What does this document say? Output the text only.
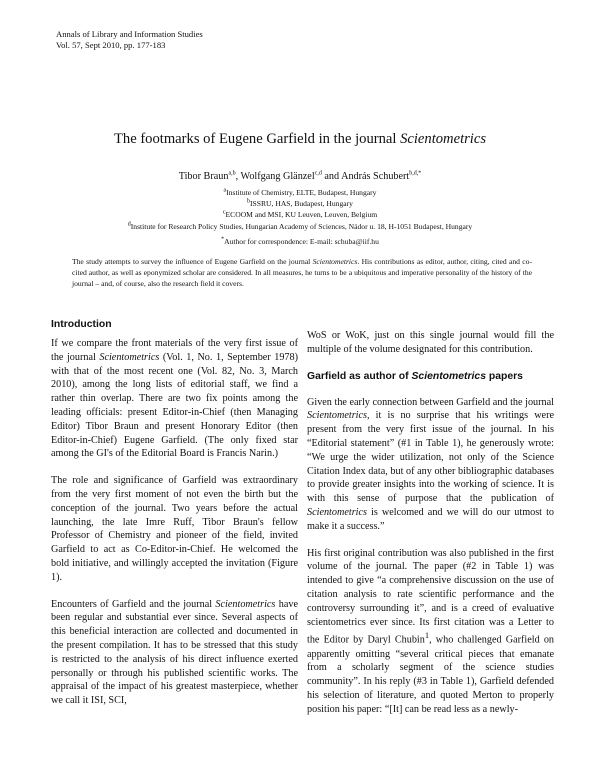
Annals of Library and Information Studies
Vol. 57, Sept 2010, pp. 177-183
The footmarks of Eugene Garfield in the journal Scientometrics
Tibor Braun$^{a,b}$, Wolfgang Glänzel$^{c,d}$ and András Schubert$^{b,d,*}$
$^a$Institute of Chemistry, ELTE, Budapest, Hungary
$^b$ISSRU, HAS, Budapest, Hungary
$^c$ECOOM and MSI, KU Leuven, Leuven, Belgium
$^d$Institute for Research Policy Studies, Hungarian Academy of Sciences, Nádor u. 18, H-1051 Budapest, Hungary
*Author for correspondence: E-mail: schuba@iif.hu
The study attempts to survey the influence of Eugene Garfield on the journal Scientometrics. His contributions as editor, author, citing, cited and co-cited author, as well as eponymized scholar are considered. In all measures, he turns to be a ubiquitous and imperative personality of the history of the journal – and, of course, also the research field it covers.
Introduction

If we compare the front materials of the very first issue of the journal Scientometrics (Vol. 1, No. 1, September 1978) with that of the most recent one (Vol. 82, No. 3, March 2010), among the long lists of editorial staff, we find a rather thin overlap. There are two fix points among the leading officials: present Editor-in-Chief (then Managing Editor) Tibor Braun and present Honorary Editor (then Editor-in-Chief) Eugene Garfield. (The only fixed star among the GI's of the Editorial Board is Francis Narin.)

The role and significance of Garfield was extraordinary from the very first moment of not even the birth but the conception of the journal. Two years before the actual launching, the late Imre Ruff, Tibor Braun's fellow Professor of Chemistry and pioneer of the field, invited Garfield to act as Co-Editor-in-Chief. He welcomed the bold initiative, and willingly accepted the invitation (Figure 1).

Encounters of Garfield and the journal Scientometrics have been regular and substantial ever since. Several aspects of this beneficial interaction are collected and documented in the present compilation. It has to be stressed that this study is restricted to the analysis of his direct influence exerted personally or through his published scientific works. The appraisal of the impact of his greatest masterpiece, whether we call it ISI, SCI,

WoS or WoK, just on this single journal would fill the multiple of the volume designated for this contribution.

Garfield as author of Scientometrics papers

Given the early connection between Garfield and the journal Scientometrics, it is no surprise that his writings were present from the very first issue of the journal. In his “Editorial statement” (#1 in Table 1), he generously wrote: “We urge the wider utilization, not only of the Science Citation Index data, but of any other bibliographic databases to provide greater insights into the working of science. It is with this sense of purpose that the publication of Scientometrics is welcomed and we will do our utmost to make it a success.”

His first original contribution was also published in the first volume of the journal. The paper (#2 in Table 1) was intended to give “a comprehensive discussion on the use of citation analysis to rate scientific performance and the controversy surrounding it”, and is a creed of evaluative scientometrics ever since. Its first citation was a Letter to the Editor by Daryl Chubin$^1$, who challenged Garfield on apparently omitting “several critical pieces that emanate from a scholarly segment of the science studies community”. In his reply (#3 in Table 1), Garfield defended his selection of literature, and quoted Merton to properly position his paper: “[It] can be read less as a newly-
